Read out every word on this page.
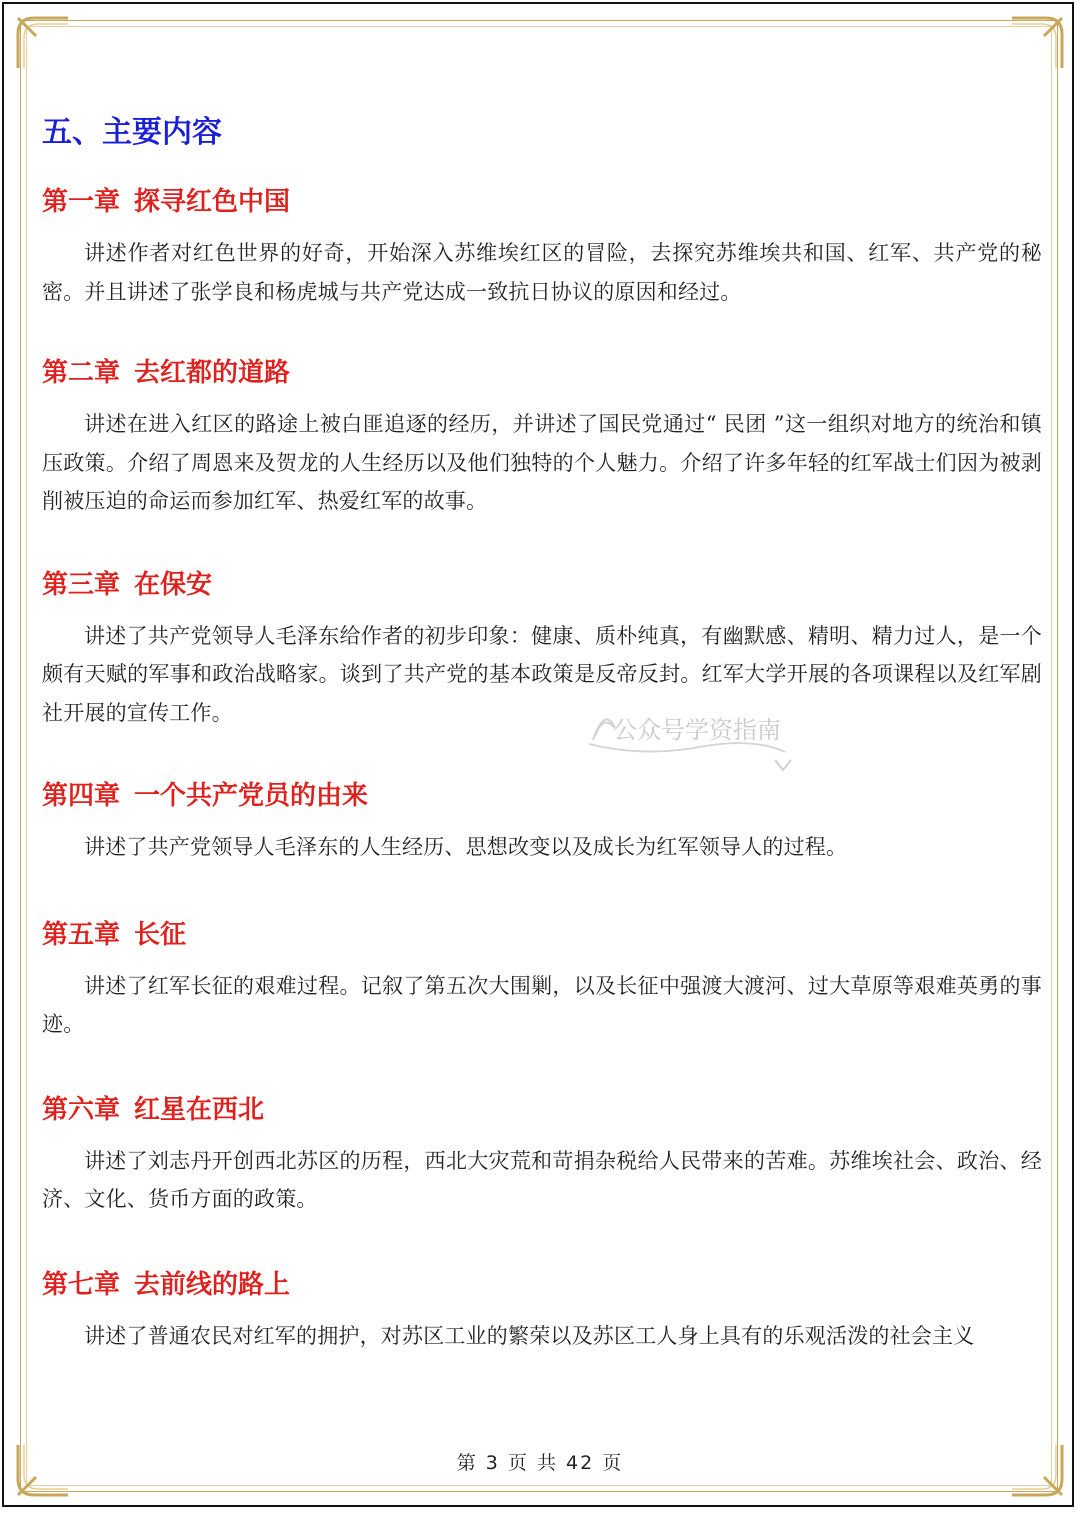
五、主要内容
第一章 探寻红色中国

讲述作者对红色世界的好奇，开始深入苏维埃红区的冒险，去探究苏维埃共和国、红军、共产党的秘密。并且讲述了张学良和杨虎城与共产党达成一致抗日协议的原因和经过。

第二章 去红都的道路

讲述在进入红区的路途上被白匪追逐的经历，并讲述了国民党通过“ 民团 ”这一组织对地方的统治和镇压政策。介绍了周恩来及贺龙的人生经历以及他们独特的个人魅力。介绍了许多年轻的红军战士们因为被剥削被压迫的命运而参加红军、热爱红军的故事。

第三章 在保安

讲述了共产党领导人毛泽东给作者的初步印象：健康、质朴纯真，有幽默感、精明、精力过人，是一个颇有天赋的军事和政治战略家。谈到了共产党的基本政策是反帝反封。红军大学开展的各项课程以及红军剧社开展的宣传工作。

第四章 一个共产党员的由来

讲述了共产党领导人毛泽东的人生经历、思想改变以及成长为红军领导人的过程。

第五章 长征

讲述了红军长征的艰难过程。记叙了第五次大围剿，以及长征中强渡大渡河、过大草原等艰难英勇的事迹。

第六章 红星在西北

讲述了刘志丹开创西北苏区的历程，西北大灾荒和苛捐杂税给人民带来的苦难。苏维埃社会、政治、经济、文化、货币方面的政策。

第七章 去前线的路上

讲述了普通农民对红军的拥护，对苏区工业的繁荣以及苏区工人身上具有的乐观活泼的社会主义

公众号学资指南
第 3 页 共 42 页
